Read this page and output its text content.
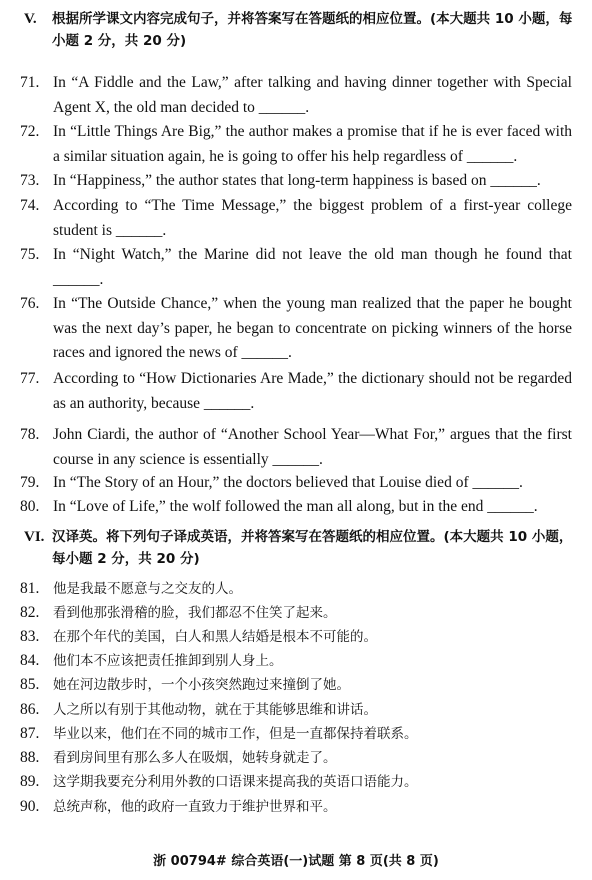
V. 根据所学课文内容完成句子，并将答案写在答题纸的相应位置。(本大题共 10 小题，每小题 2 分，共 20 分)
71. In “A Fiddle and the Law,” after talking and having dinner together with Special Agent X, the old man decided to ______.
72. In “Little Things Are Big,” the author makes a promise that if he is ever faced with a similar situation again, he is going to offer his help regardless of ______.
73. In “Happiness,” the author states that long-term happiness is based on ______.
74. According to “The Time Message,” the biggest problem of a first-year college student is ______.
75. In “Night Watch,” the Marine did not leave the old man though he found that ______.
76. In “The Outside Chance,” when the young man realized that the paper he bought was the next day’s paper, he began to concentrate on picking winners of the horse races and ignored the news of ______.
77. According to “How Dictionaries Are Made,” the dictionary should not be regarded as an authority, because ______.
78. John Ciardi, the author of “Another School Year—What For,” argues that the first course in any science is essentially ______.
79. In “The Story of an Hour,” the doctors believed that Louise died of ______.
80. In “Love of Life,” the wolf followed the man all along, but in the end ______.
VI. 汉译英。将下列句子译成英语，并将答案写在答题纸的相应位置。(本大题共 10 小题，每小题 2 分，共 20 分)
81.	他是我最不愿意与之交友的人。
82.	看到他那张滑稽的脸，我们都忍不住笑了起来。
83.	在那个年代的美国，白人和黑人结婚是根本不可能的。
84.	他们本不应该把责任推卸到别人身上。
85.	她在河边散步时，一个小孩突然跑过来撞倒了她。
86.	人之所以有别于其他动物，就在于其能够思维和讲话。
87.	毕业以来，他们在不同的城市工作，但是一直都保持着联系。
88.	看到房间里有那么多人在吸烟，她转身就走了。
89.	这学期我要充分利用外教的口语课来提高我的英语口语能力。
90.	总统声称，他的政府一直致力于维护世界和平。
浙 00794# 综合英语(一)试题 第 8 页(共 8 页)
